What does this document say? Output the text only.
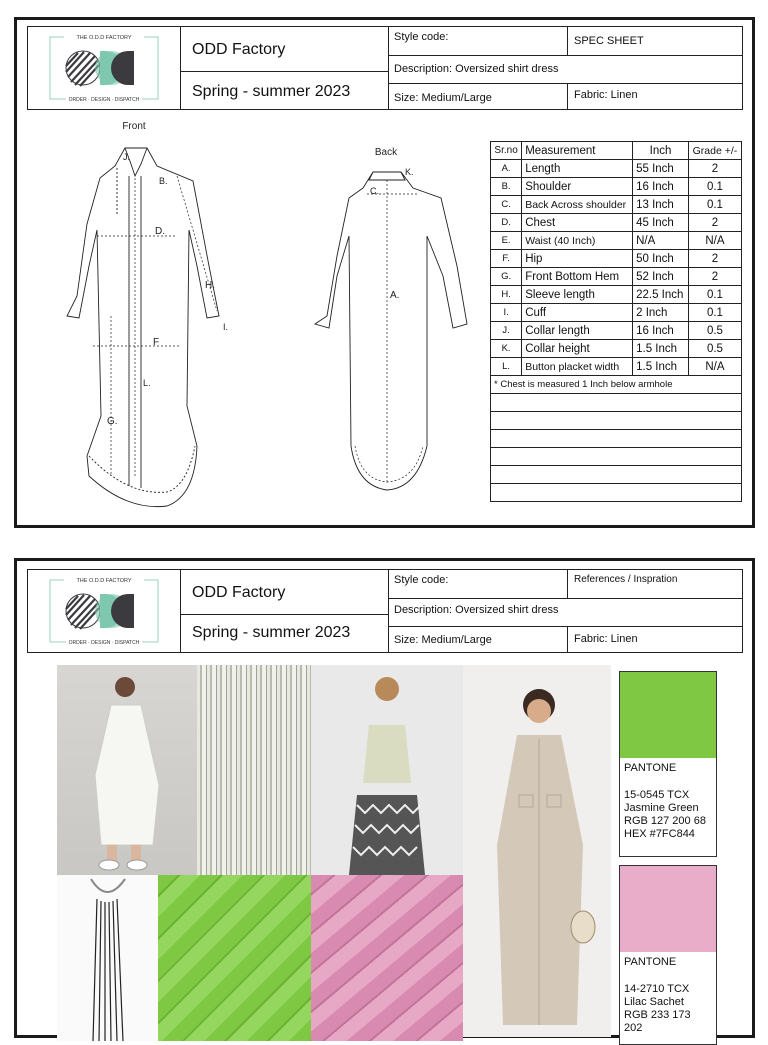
THE O.D.D FACTORY
ORDER · DESIGN · DISPATCH
ODD Factory
Spring - summer 2023
Style code:	SPEC SHEET
Description: Oversized shirt dress
Size: Medium/Large	Fabric: Linen
Front
D.
F
G.
H.
I.
J.
B.
L.
Back
C.
K.
A.
Sr.no	Measurement	Inch	Grade +/-
A.	Length	55 Inch	2
B.	Shoulder	16 Inch	0.1
C.	Back Across shoulder	13 Inch	0.1
D.	Chest	45 Inch	2
E.	Waist (40 Inch)	N/A	N/A
F.	Hip	50 Inch	2
G.	Front Bottom Hem	52 Inch	2
H.	Sleeve length	22.5 Inch	0.1
I.	Cuff	2 Inch	0.1
J.	Collar length	16 Inch	0.5
K.	Collar height	1.5 Inch	0.5
L.	Button placket width	1.5 Inch	N/A
* Chest is measured 1 Inch below armhole			

THE O.D.D FACTORY
ORDER · DESIGN · DISPATCH
ODD Factory
Spring - summer 2023
Style code:	References / Inspration
Description: Oversized shirt dress
Size: Medium/Large	Fabric: Linen
PANTONE
15-0545 TCX
Jasmine Green
RGB 127 200 68
HEX #7FC844
PANTONE
14-2710 TCX
Lilac Sachet
RGB 233 173 202
